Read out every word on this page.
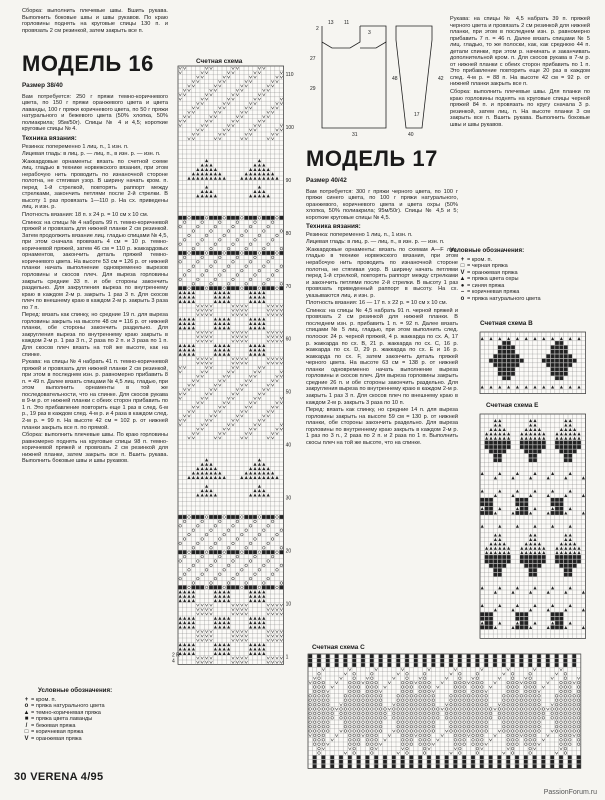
Сборка: выполнить плечевые швы. Вшить рукава. Выполнить боковые швы и швы рукавов. По краю горловины поднять на круговые спицы 130 п. и провязать 2 см резинкой, затем закрыть все п.

МОДЕЛЬ 16
Размер 38/40

Вам потребуется: 250 г пряжи темно-коричневого цвета, по 150 г пряжи оранжевого цвета и цвета лаванды, 100 г пряжи коричневого цвета, по 50 г пряжи натурального и бежевого цвета (50% хлопка, 50% полиакрила; 95м/50г). Спицы № 4 и 4,5; короткие круговые спицы № 4.

Техника вязания:

Резинка: попеременно 1 лиц. п., 1 изн. п.

Лицевая гладь: в лиц. р. — лиц. п., в изн. р. — изн. п.

Жаккардовые орнаменты: вязать по счетной схеме лиц. гладью в технике норвежского вязания, при этом нерабочую нить проводить по изнаночной стороне полотна, не стягивая узор. В ширину начать кром. п. перед 1-й стрелкой, повторять раппорт между стрелками, закончить петлями после 2-й стрелки. В высоту 1 раз провязать 1—110 р. На сх. приведены лиц. и изн. р.

Плотность вязания: 18 п. х 24 р. = 10 см х 10 см.

Спинка: на спицы № 4 набрать 99 п. темно-коричневой пряжей и провязать для нижней планки 2 см резинкой. Затем продолжить вязание лиц. гладью спицами № 4,5, при этом сначала провязать 4 см = 10 р. темно-коричневой пряжей, затем 46 см = 110 р. жаккардовых орнаментов, закончить деталь пряжей темно-коричневого цвета. На высоте 53 см = 126 р. от нижней планки начать выполнение одновременно вырезов горловины и скосов плеч. Для выреза горловины закрыть средние 33 п. и обе стороны закончить раздельно. Для закругления выреза по внутреннему краю в каждом 2-м р. закрыть 1 раз 3 п. Для скосов плеч по внешнему краю в каждом 2-м р. закрыть 3 раза по 7 п.

Перед: вязать как спинку, но средние 19 п. для выреза горловины закрыть на высоте 48 см = 116 р. от нижней планки, обе стороны закончить раздельно. Для закругления выреза по внутреннему краю закрыть в каждом 2-м р. 1 раз 3 п., 2 раза по 2 п. и 3 раза по 1 п. Для скосов плеч вязать на той же высоте, как на спинке.

Рукава: на спицы № 4 набрать 41 п. темно-коричневой пряжей и провязать для нижней планки 2 см резинкой, при этом в последнем изн. р. равномерно прибавить 8 п. = 49 п. Далее вязать спицами № 4,5 лиц. гладью, при этом выполнить орнаменты в той же последовательности, что на спинке. Для скосов рукава в 9-м р. от нижней планки с обеих сторон прибавить по 1 п. Это прибавление повторить еще 1 раз в след. 6-м р., 19 раз в каждом след. 4-м р. и 4 раза в каждом след. 2-м р. = 99 п. На высоте 42 см = 102 р. от нижней планки закрыть все п. по прямой.

Сборка: выполнить плечевые швы. По краю горловины равномерно поднять на круговые спицы 98 п. темно-коричневой пряжей и провязать 2 см резинкой для нижней планки, затем закрыть все п. Вшить рукава. Выполнить боковые швы и швы рукавов.

Условные обозначения:
+ = кром. п.
o = пряжа натурального цвета
▲ = темно-коричневая пряжа
■ = пряжа цвета лаванды
/ = бежевая пряжа
□ = коричневая пряжа
V = оранжевая пряжа
Счетная схема
110
100
90
80
70
60
50
40
30
20
10
1
2 R
4
2
13 11
3
27
29
31	40
48
17
42
МОДЕЛЬ 17
Размер 40/42

Вам потребуется: 300 г пряжи черного цвета, по 100 г пряжи синего цвета, по 100 г пряжи натурального, оранжевого, коричневого цвета и цвета охры (50% хлопка, 50% полиакрила; 95м/50г). Спицы № 4,5 и 5; короткие круговые спицы № 4,5.

Техника вязания:

Резинка: попеременно 1 лиц. п., 1 изн. п.

Лицевая гладь: в лиц. р. — лиц. п., в изн. р. — изн. п.

Жаккардовые орнаменты: вязать по схемам А—F лиц. гладью в технике норвежского вязания, при этом нерабочую нить проводить по изнаночной стороне полотна, не стягивая узор. В ширину начать петлями перед 1-й стрелкой, повторять раппорт между стрелками и закончить петлями после 2-й стрелки. В высоту 1 раз провязать приведенный раппорт в высоту. На сх. указываются лиц. и изн. р.

Плотность вязания: 16 — 17 п. x 22 р. = 10 см x 10 см.

Спинка: на спицы № 4,5 набрать 91 п. черной пряжей и провязать 2 см резинкой для нижней планки. В последнем изн. р. прибавить 1 п. = 92 п. Далее вязать спицами № 5 лиц. гладью, при этом выполнить след. полоски: 24 р. черной пряжей, 4 р. жаккарда по сх. А, 17 р. жаккарда по сх. В, 21 р. жаккарда по сх. С, 16 р. жаккарда по сх. D, 29 р. жаккарда по сх. Е и 16 р. жаккарда по сх. F, затем закончить деталь пряжей черного цвета. На высоте 63 см = 138 р. от нижней планки одновременно начать выполнение выреза горловины и скосов плеч. Для выреза горловины закрыть средние 26 п. и обе стороны закончить раздельно. Для закругления выреза по внутреннему краю в каждом 2-м р. закрыть 1 раз 3 п. Для скосов плеч по внешнему краю в каждом 2-м р. закрыть 3 раза по 10 п.

Перед: вязать как спинку, но средние 14 п. для выреза горловины закрыть на высоте 59 см = 130 р. от нижней планки, обе стороны закончить раздельно. Для выреза горловины по внутреннему краю закрыть в каждом 2-м р. 1 раз по 3 п., 2 раза по 2 п. и 2 раза по 1 п. Выполнить скосы плеч на той же высоте, что на спинке.

Рукава: на спицы № 4,5 набрать 39 п. пряжей черного цвета и провязать 2 см резинкой для нижней планки, при этом в последнем изн. р. равномерно прибавить 7 п. = 46 п. Далее вязать спицами № 5 лиц. гладью, то же полоски, как, как среднюю 44 п. детали спинки, при этом р. начинать и заканчивать дополнительной кром. п. Для скосов рукава в 7-м р. от нижней планки с обеих сторон прибавить по 1 п. Это прибавление повторить еще 20 раз в каждом след. 4-м р. = 88 п. На высоте 42 см = 92 р. от нижней планки закрыть все п.

Сборка: выполнить плечевые швы. Для планки по краю горловины поднять на круговые спицы черной пряжей 84 п. и провязать по кругу сначала 3 р. резинкой, затем лиц. п. На высоте планки 3 см закрыть все п. Вшить рукава. Выполнить боковые швы и швы рукавов.

Условные обозначения:
+ = кром. п.
□ = черная пряжа
V = оранжевая пряжа
▲ = пряжа цвета охры
● = синяя пряжа
– = коричневая пряжа
o = пряжа натурального цвета
Счетная схема В
Счетная схема Е
Счетная схема С
30 VERENA 4/95
PassionForum.ru
